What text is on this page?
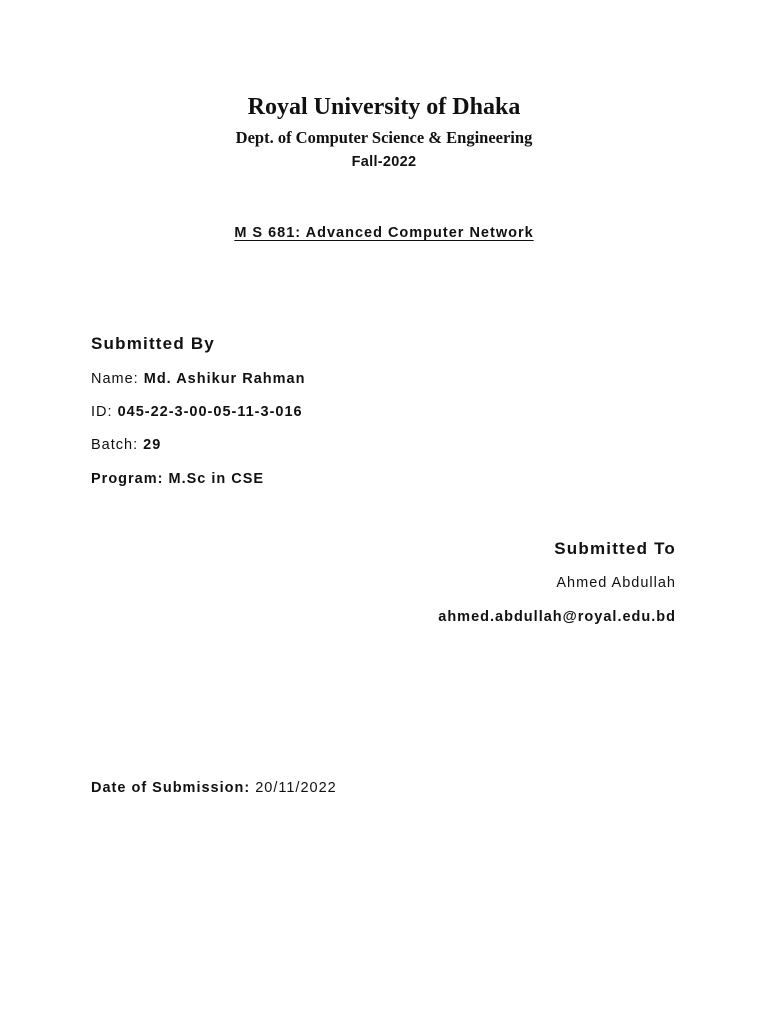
Royal University of Dhaka
Dept. of Computer Science & Engineering
Fall-2022
M S 681: Advanced Computer Network
Submitted By
Name: Md. Ashikur Rahman
ID: 045-22-3-00-05-11-3-016
Batch: 29
Program: M.Sc in CSE
Submitted To
Ahmed Abdullah
ahmed.abdullah@royal.edu.bd
Date of Submission: 20/11/2022
